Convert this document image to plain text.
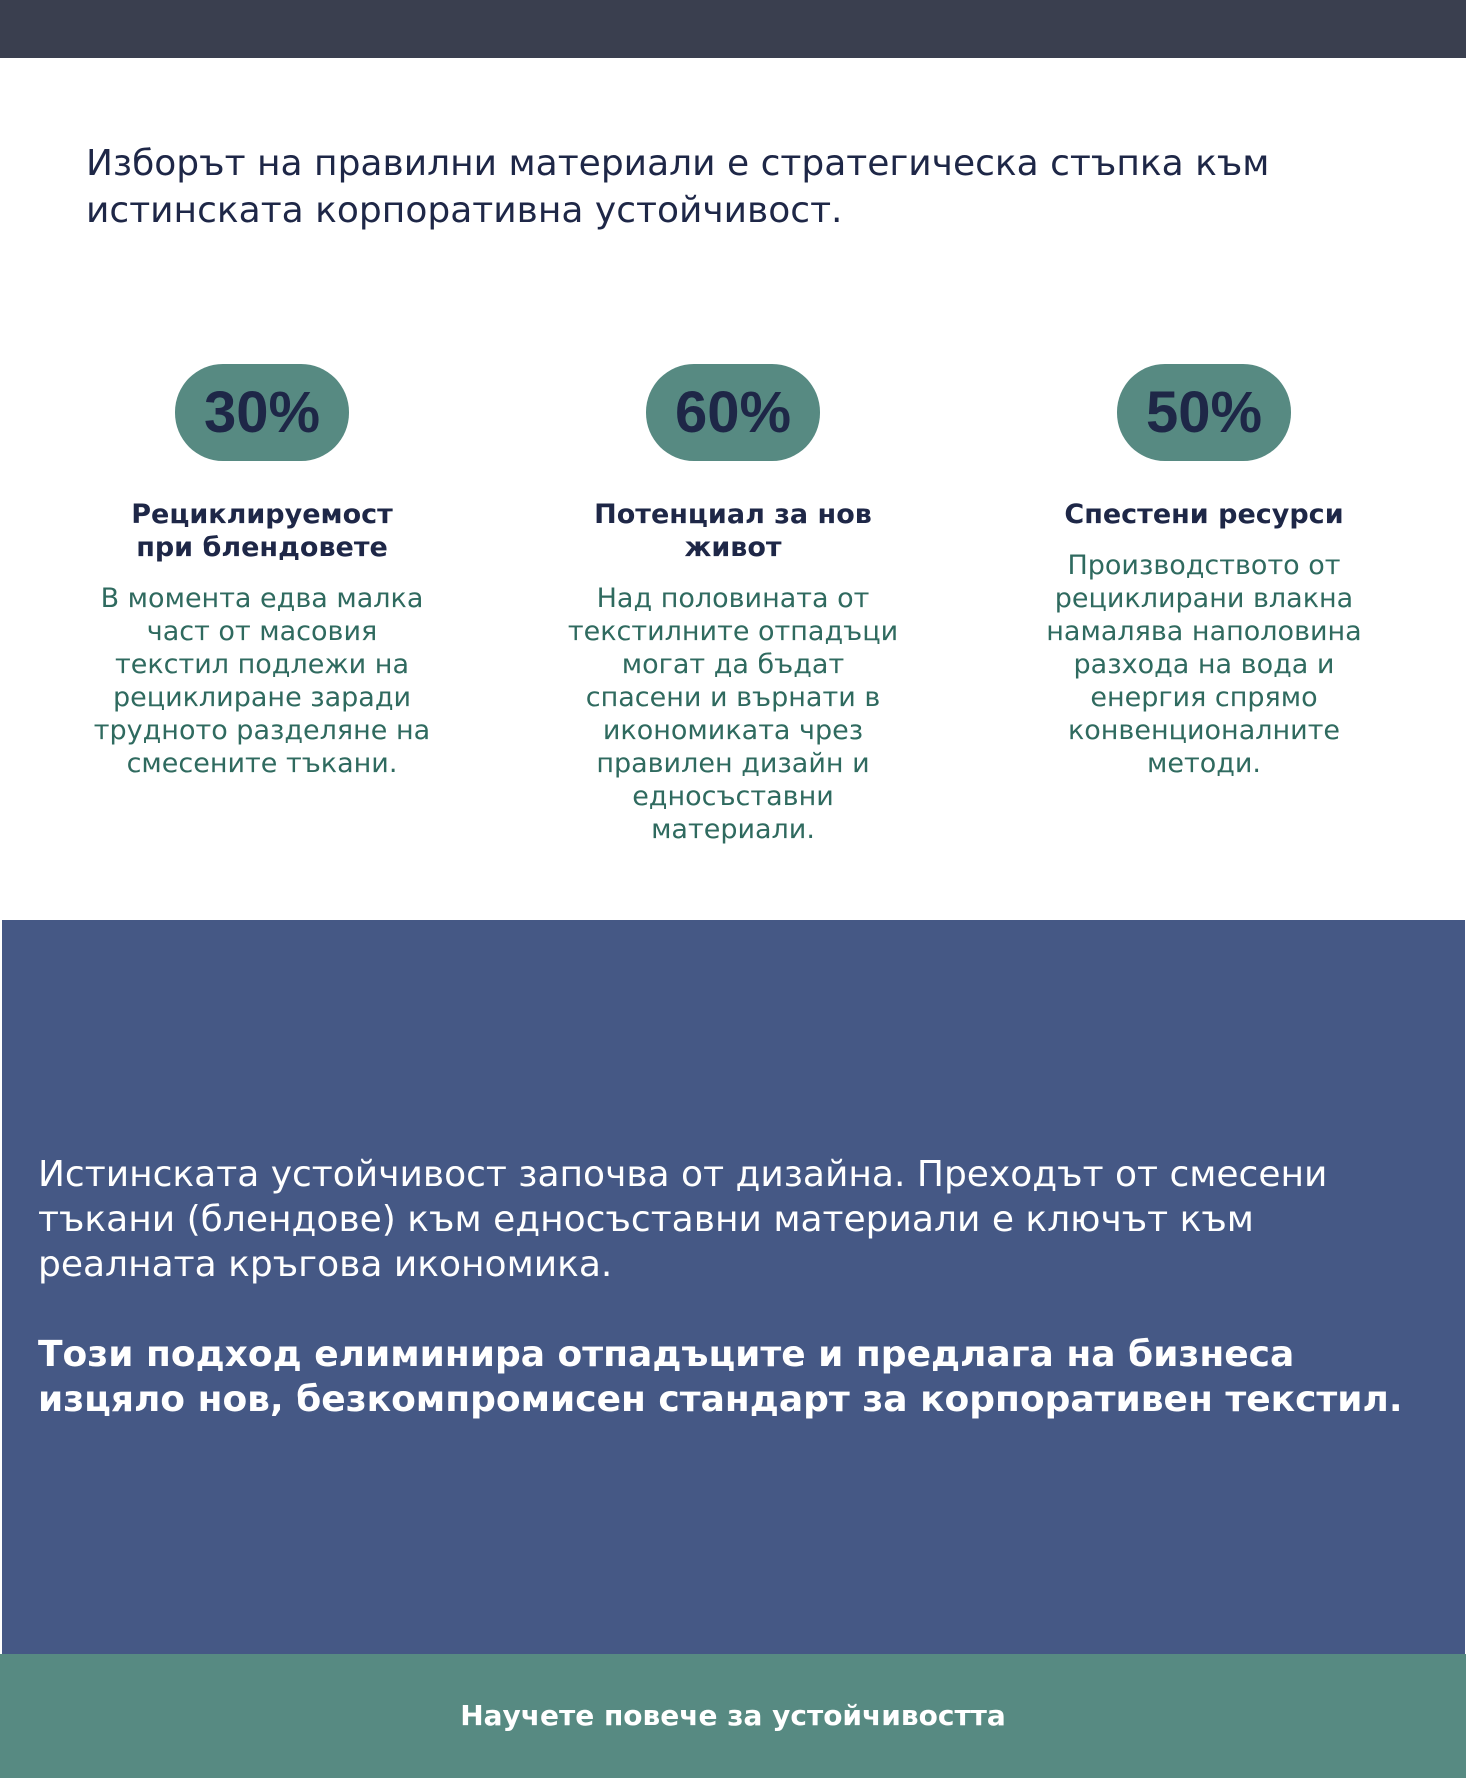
Изборът на правилни материали е стратегическа стъпка към истинската корпоративна устойчивост.

30%
Рециклируемост при блендовете

В момента едва малка част от масовия текстил подлежи на рециклиране заради трудното разделяне на смесените тъкани.

60%
Потенциал за нов живот

Над половината от текстилните отпадъци могат да бъдат спасени и върнати в икономиката чрез правилен дизайн и едносъставни материали.

50%
Спестени ресурси

Производството от рециклирани влакна намалява наполовина разхода на вода и енергия спрямо конвенционалните методи.

Истинската устойчивост започва от дизайна. Преходът от смесени тъкани (блендове) към едносъставни материали е ключът към реалната кръгова икономика.

Този подход елиминира отпадъците и предлага на бизнеса изцяло нов, безкомпромисен стандарт за корпоративен текстил.

Научете повече за устойчивостта
